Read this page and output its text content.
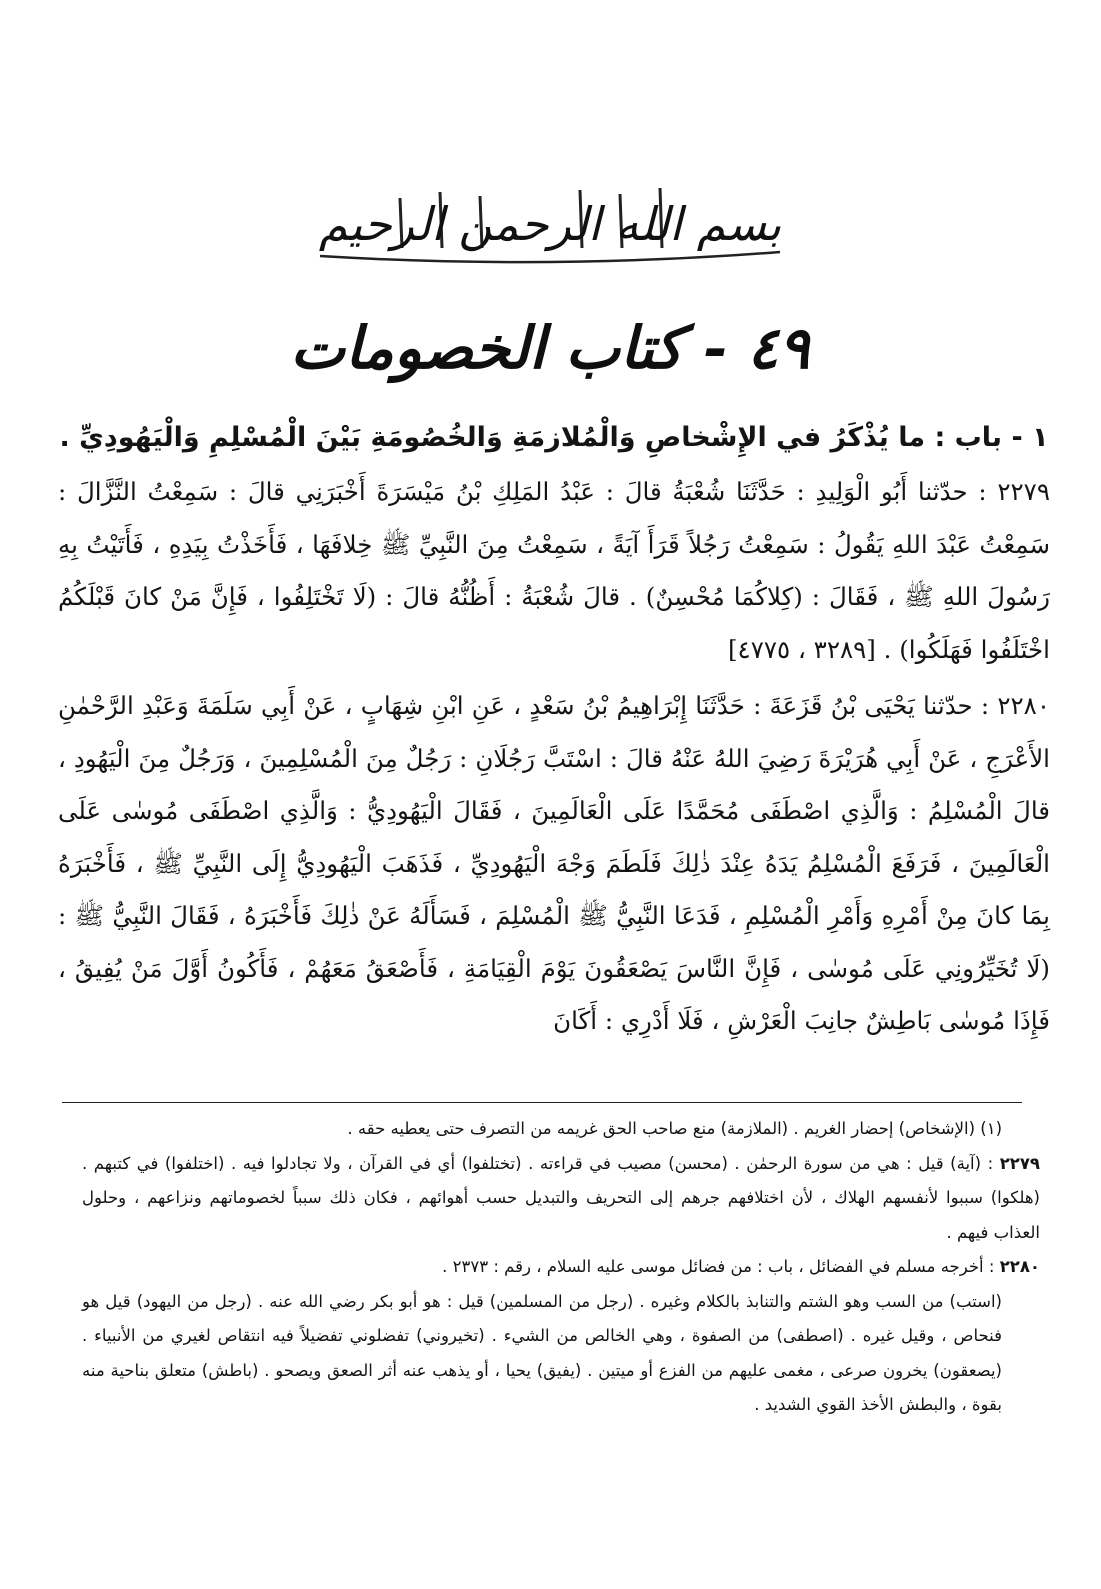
بسم الله الرحمن الرحيم
٤٩ - كتاب الخصومات
١ - باب : ما يُذْكَرُ في الإِشْخاصِ وَالْمُلازمَةِ وَالخُصُومَةِ بَيْنَ الْمُسْلِمِ وَالْيَهُودِيِّ .

٢٢٧٩ : حدّثنا أَبُو الْوَلِيدِ : حَدَّثَنَا شُعْبَةُ قالَ : عَبْدُ المَلِكِ بْنُ مَيْسَرَةَ أَخْبَرَنِي قالَ : سَمِعْتُ النَّزَّالَ : سَمِعْتُ عَبْدَ اللهِ يَقُولُ : سَمِعْتُ رَجُلاً قَرَأَ آيَةً ، سَمِعْتُ مِنَ النَّبِيِّ ﷺ خِلافَهَا ، فَأَخَذْتُ بِيَدِهِ ، فَأَتَيْتُ بِهِ رَسُولَ اللهِ ﷺ ، فَقَالَ : (كِلاكُمَا مُحْسِنٌ) . قالَ شُعْبَةُ : أَظُنُّهُ قالَ : (لَا تَخْتَلِفُوا ، فَإِنَّ مَنْ كانَ قَبْلَكُمُ اخْتَلَفُوا فَهَلَكُوا) . [٣٢٨٩ ، ٤٧٧٥]

٢٢٨٠ : حدّثنا يَحْيَى بْنُ قَزَعَةَ : حَدَّثَنَا إِبْرَاهِيمُ بْنُ سَعْدٍ ، عَنِ ابْنِ شِهَابٍ ، عَنْ أَبِي سَلَمَةَ وَعَبْدِ الرَّحْمٰنِ الأَعْرَجِ ، عَنْ أَبِي هُرَيْرَةَ رَضِيَ اللهُ عَنْهُ قالَ : اسْتَبَّ رَجُلَانِ : رَجُلٌ مِنَ الْمُسْلِمِينَ ، وَرَجُلٌ مِنَ الْيَهُودِ ، قالَ الْمُسْلِمُ : وَالَّذِي اصْطَفَى مُحَمَّدًا عَلَى الْعَالَمِينَ ، فَقَالَ الْيَهُودِيُّ : وَالَّذِي اصْطَفَى مُوسٰى عَلَى الْعَالَمِينَ ، فَرَفَعَ الْمُسْلِمُ يَدَهُ عِنْدَ ذٰلِكَ فَلَطَمَ وَجْهَ الْيَهُودِيِّ ، فَذَهَبَ الْيَهُودِيُّ إِلَى النَّبِيِّ ﷺ ، فَأَخْبَرَهُ بِمَا كانَ مِنْ أَمْرِهِ وَأَمْرِ الْمُسْلِمِ ، فَدَعَا النَّبِيُّ ﷺ الْمُسْلِمَ ، فَسَأَلَهُ عَنْ ذٰلِكَ فَأَخْبَرَهُ ، فَقَالَ النَّبِيُّ ﷺ : (لَا تُخَيِّرُونِي عَلَى مُوسٰى ، فَإِنَّ النَّاسَ يَصْعَقُونَ يَوْمَ الْقِيَامَةِ ، فَأَصْعَقُ مَعَهُمْ ، فَأَكُونُ أَوَّلَ مَنْ يُفِيقُ ، فَإِذَا مُوسٰى بَاطِشٌ جانِبَ الْعَرْشِ ، فَلَا أَدْرِي : أَكَانَ

(١) (الإشخاص) إحضار الغريم . (الملازمة) منع صاحب الحق غريمه من التصرف حتى يعطيه حقه .

٢٢٧٩ : (آية) قيل : هي من سورة الرحمٰن . (محسن) مصيب في قراءته . (تختلفوا) أي في القرآن ، ولا تجادلوا فيه . (اختلفوا) في كتبهم . (هلكوا) سببوا لأنفسهم الهلاك ، لأن اختلافهم جرهم إلى التحريف والتبديل حسب أهوائهم ، فكان ذلك سبباً لخصوماتهم ونزاعهم ، وحلول العذاب فيهم .

٢٢٨٠ : أخرجه مسلم في الفضائل ، باب : من فضائل موسى عليه السلام ، رقم : ٢٣٧٣ .

(استب) من السب وهو الشتم والتنابذ بالكلام وغيره . (رجل من المسلمين) قيل : هو أبو بكر رضي الله عنه . (رجل من اليهود) قيل هو فنحاص ، وقيل غيره . (اصطفى) من الصفوة ، وهي الخالص من الشيء . (تخيروني) تفضلوني تفضيلاً فيه انتقاص لغيري من الأنبياء . (يصعقون) يخرون صرعى ، مغمى عليهم من الفزع أو ميتين . (يفيق) يحيا ، أو يذهب عنه أثر الصعق ويصحو . (باطش) متعلق بناحية منه بقوة ، والبطش الأخذ القوي الشديد .
